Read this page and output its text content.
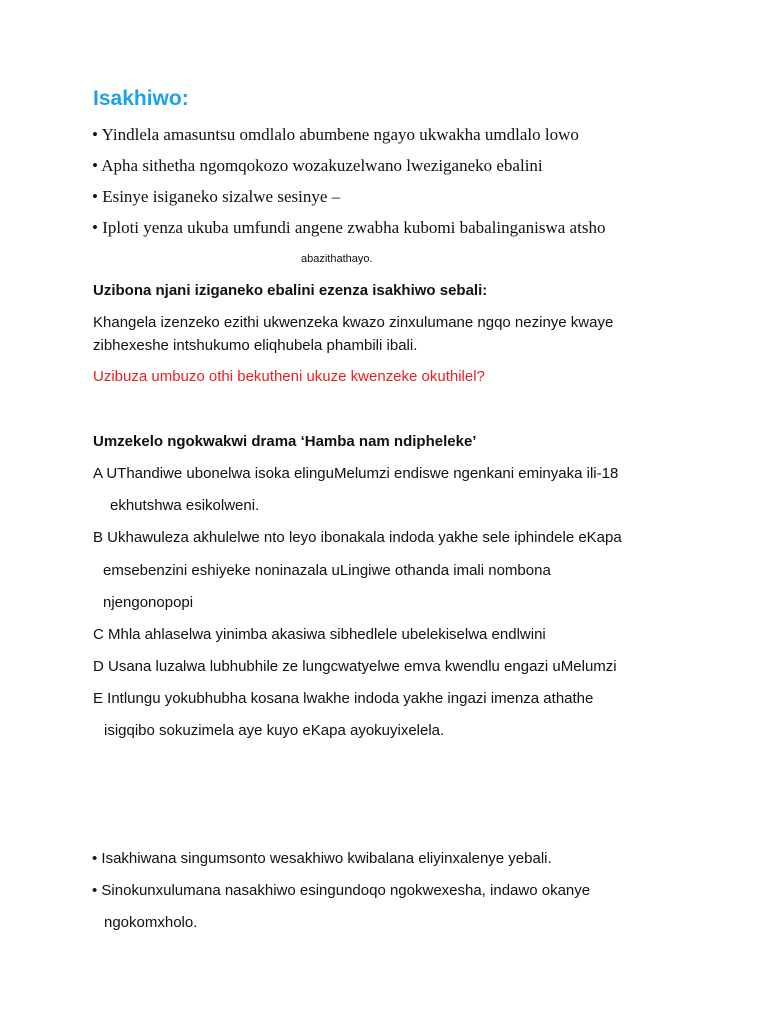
Isakhiwo:
• Yindlela amasuntsu omdlalo abumbene ngayo ukwakha umdlalo lowo
• Apha sithetha ngomqokozo wozakuzelwano lweziganeko ebalini
• Esinye isiganeko sizalwe sesinye –
• Iploti yenza ukuba umfundi angene zwabha kubomi babalinganiswa atsho
abazithathayo.
Uzibona njani iziganeko ebalini ezenza isakhiwo sebali:
Khangela izenzeko ezithi ukwenzeka kwazo zinxulumane ngqo nezinye kwaye
zibhexeshe intshukumo eliqhubela phambili ibali.
Uzibuza umbuzo othi bekutheni ukuze kwenzeke okuthilel?
Umzekelo ngokwakwi drama ‘Hamba nam ndipheleke’
A UThandiwe ubonelwa isoka elinguMelumzi endiswe ngenkani eminyaka ili-18
ekhutshwa esikolweni.
B Ukhawuleza akhulelwe nto leyo ibonakala indoda yakhe sele iphindele eKapa
emsebenzini eshiyeke noninazala uLingiwe othanda imali nombona
njengonopopi
C Mhla ahlaselwa yinimba akasiwa sibhedlele ubelekiselwa endlwini
D Usana luzalwa lubhubhile ze lungcwatyelwe emva kwendlu engazi uMelumzi
E Intlungu yokubhubha kosana lwakhe indoda yakhe ingazi imenza athathe
isigqibo sokuzimela aye kuyo eKapa ayokuyixelela.
• Isakhiwana singumsonto wesakhiwo kwibalana eliyinxalenye yebali.
• Sinokunxulumana nasakhiwo esingundoqo ngokwexesha, indawo okanye
ngokomxholo.
